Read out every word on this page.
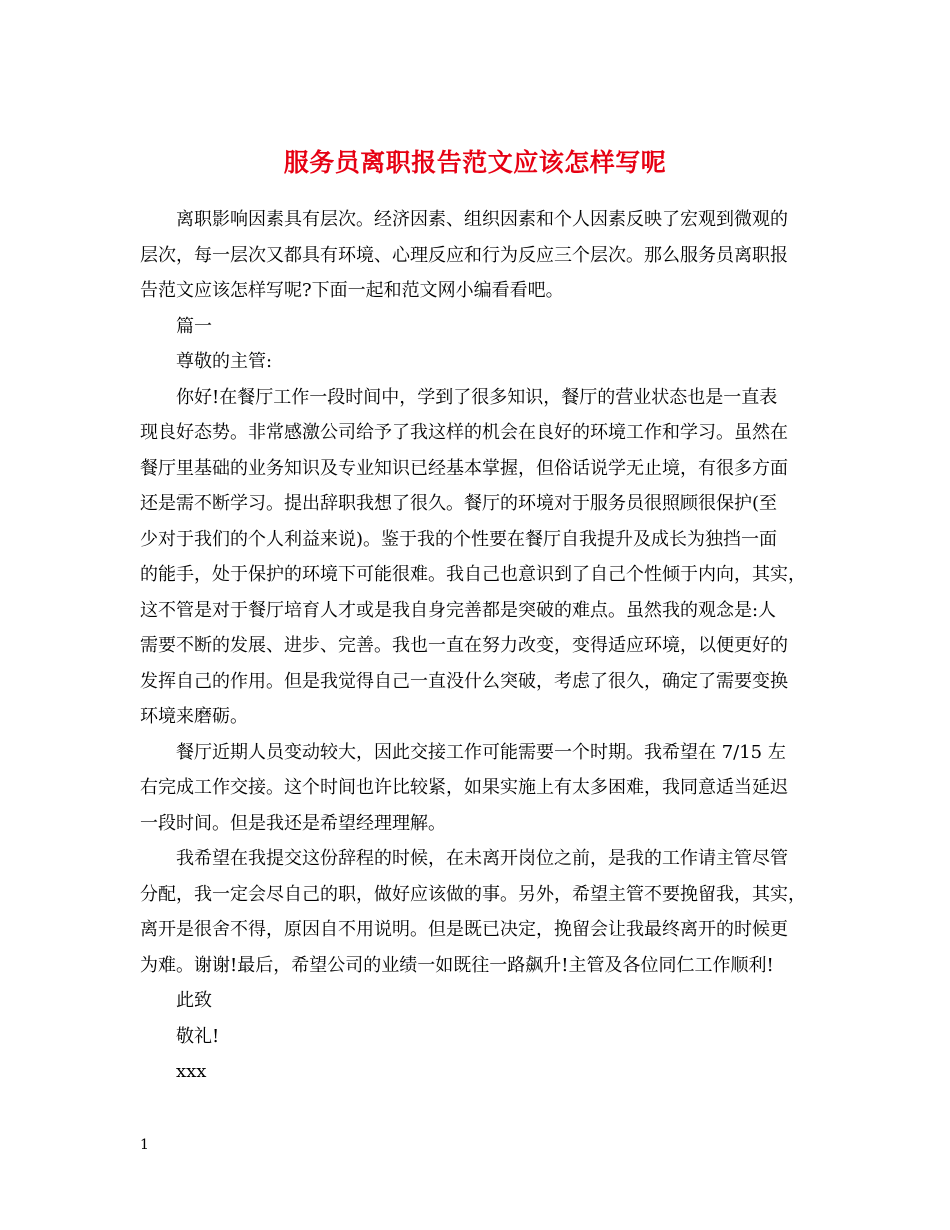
服务员离职报告范文应该怎样写呢
离职影响因素具有层次。经济因素、组织因素和个人因素反映了宏观到微观的
层次，每一层次又都具有环境、心理反应和行为反应三个层次。那么服务员离职报
告范文应该怎样写呢?下面一起和范文网小编看看吧。
篇一
尊敬的主管:
你好!在餐厅工作一段时间中，学到了很多知识，餐厅的营业状态也是一直表
现良好态势。非常感激公司给予了我这样的机会在良好的环境工作和学习。虽然在
餐厅里基础的业务知识及专业知识已经基本掌握，但俗话说学无止境，有很多方面
还是需不断学习。提出辞职我想了很久。餐厅的环境对于服务员很照顾很保护(至
少对于我们的个人利益来说)。鉴于我的个性要在餐厅自我提升及成长为独挡一面
的能手，处于保护的环境下可能很难。我自己也意识到了自己个性倾于内向，其实，
这不管是对于餐厅培育人才或是我自身完善都是突破的难点。虽然我的观念是:人
需要不断的发展、进步、完善。我也一直在努力改变，变得适应环境，以便更好的
发挥自己的作用。但是我觉得自己一直没什么突破，考虑了很久，确定了需要变换
环境来磨砺。
餐厅近期人员变动较大，因此交接工作可能需要一个时期。我希望在 7/15 左
右完成工作交接。这个时间也许比较紧，如果实施上有太多困难，我同意适当延迟
一段时间。但是我还是希望经理理解。
我希望在我提交这份辞程的时候，在未离开岗位之前，是我的工作请主管尽管
分配，我一定会尽自己的职，做好应该做的事。另外，希望主管不要挽留我，其实，
离开是很舍不得，原因自不用说明。但是既已决定，挽留会让我最终离开的时候更
为难。谢谢!最后，希望公司的业绩一如既往一路飙升!主管及各位同仁工作顺利!
此致
敬礼!
xxx
1
